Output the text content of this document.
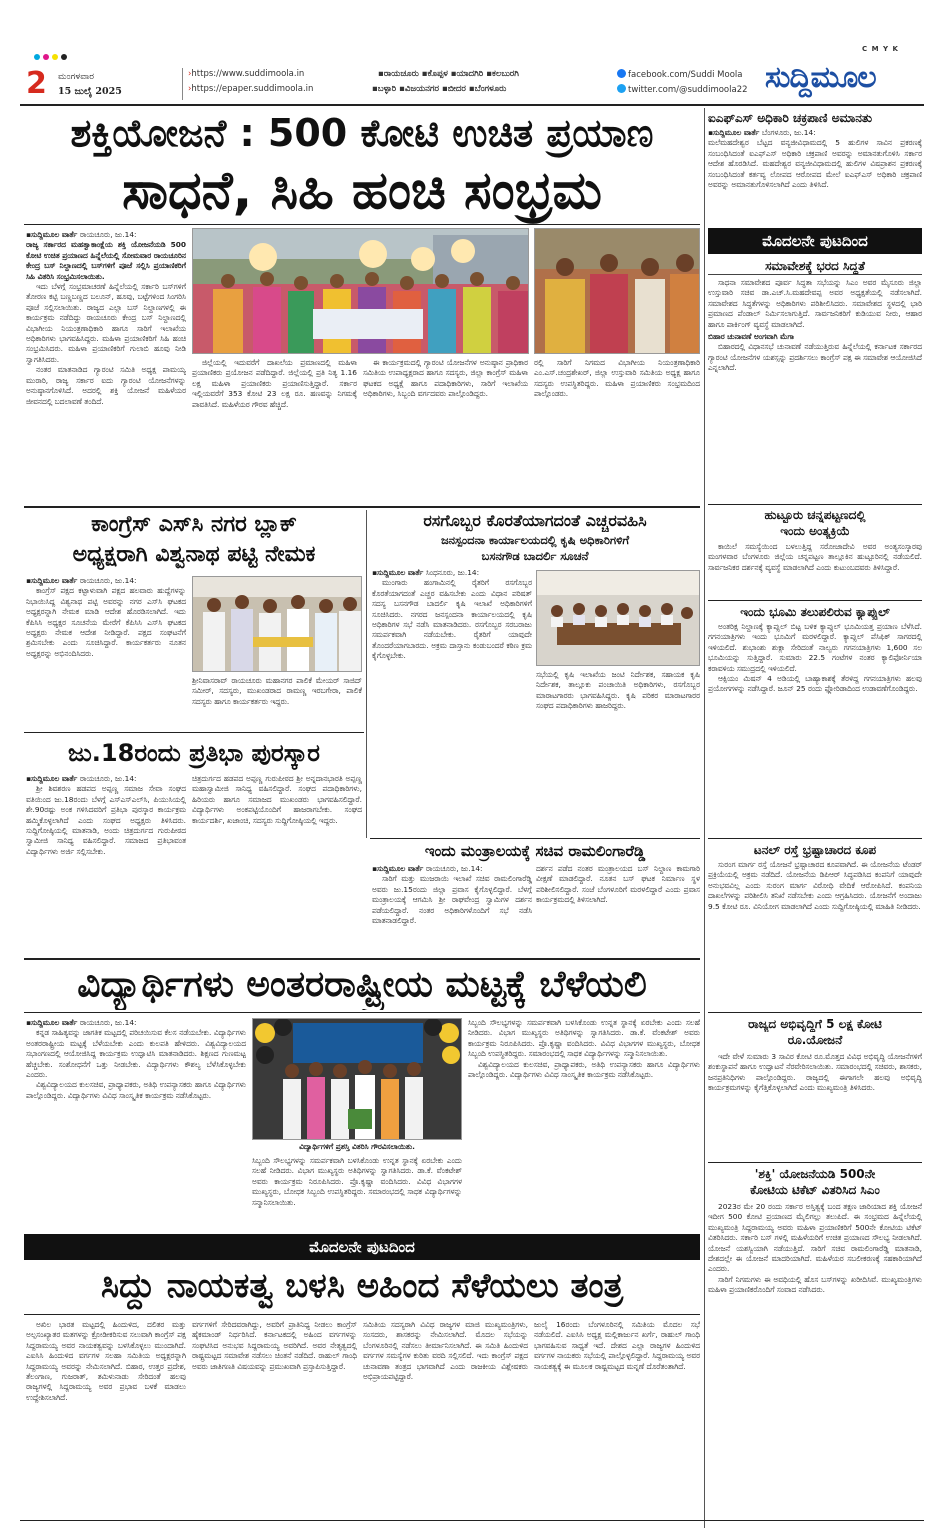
C M Y K
2 ಮಂಗಳವಾರ
15 ಜುಲೈ 2025
›https://www.suddimoola.in
›https://epaper.suddimoola.in
▪ರಾಯಚೂರು ▪ಕೊಪ್ಪಳ ▪ಯಾದಗಿರಿ ▪ಕಲಬುರಗಿ
▪ಬಳ್ಳಾರಿ ▪ವಿಜಯನಗರ ▪ಬೀದರ ▪ಬೆಂಗಳೂರು
facebook.com/Suddi Moola
twitter.com/@suddimoola22 ಸುದ್ದಿಮೂಲ
ಶಕ್ತಿಯೋಜನೆ : 500 ಕೋಟಿ ಉಚಿತ ಪ್ರಯಾಣ
ಸಾಧನೆ, ಸಿಹಿ ಹಂಚಿ ಸಂಭ್ರಮ
▪ಸುದ್ದಿಮೂಲ ವಾರ್ತೆ ರಾಯಚೂರು, ಜು.14:
ರಾಜ್ಯ ಸರ್ಕಾರದ ಮಹತ್ವಾಕಾಂಕ್ಷೆಯ ಶಕ್ತಿ ಯೋಜನೆಯಡಿ 500 ಕೋಟಿ ಉಚಿತ ಪ್ರಯಾಣದ ಹಿನ್ನೆಲೆಯಲ್ಲಿ ಸೋಮವಾರ ರಾಯಚೂರಿನ ಕೇಂದ್ರ ಬಸ್ ನಿಲ್ದಾಣದಲ್ಲಿ ಬಸ್‌ಗಳಿಗೆ ಪೂಜೆ ಸಲ್ಲಿಸಿ ಪ್ರಯಾಣಿಕರಿಗೆ ಸಿಹಿ ವಿತರಿಸಿ ಸಂಭ್ರಮಿಸಲಾಯಿತು.
ಇದು ಬೆಳಗ್ಗೆ ಸಂಭ್ರಮಾಚರಣೆ ಹಿನ್ನೆಲೆಯಲ್ಲಿ ಸರ್ಕಾರಿ ಬಸ್‌ಗಳಿಗೆ ತೋರಣ ಕಟ್ಟಿ ಬಣ್ಣಬಣ್ಣದ ಬಲೂನ್, ಹೂವು, ಬಟ್ಟೆಗಳಿಂದ ಸಿಂಗರಿಸಿ ಪೂಜೆ ಸಲ್ಲಿಸಲಾಯಿತು. ರಾಜ್ಯದ ಎಲ್ಲಾ ಬಸ್ ನಿಲ್ದಾಣಗಳಲ್ಲಿ ಈ ಕಾರ್ಯಕ್ರಮ ನಡೆದಿದ್ದು ರಾಯಚೂರು ಕೇಂದ್ರ ಬಸ್ ನಿಲ್ದಾಣದಲ್ಲಿ ವಿಭಾಗೀಯ ನಿಯಂತ್ರಣಾಧಿಕಾರಿ ಹಾಗೂ ಸಾರಿಗೆ ಇಲಾಖೆಯ ಅಧಿಕಾರಿಗಳು ಭಾಗವಹಿಸಿದ್ದರು. ಮಹಿಳಾ ಪ್ರಯಾಣಿಕರಿಗೆ ಸಿಹಿ ಹಂಚಿ ಸಂಭ್ರಮಿಸಿದರು. ಮಹಿಳಾ ಪ್ರಯಾಣಿಕರಿಗೆ ಗುಲಾಬಿ ಹೂವು ನೀಡಿ ಸ್ವಾಗತಿಸಿದರು.
ನಂತರ ಮಾತನಾಡಿದ ಗ್ಯಾರಂಟಿ ಸಮಿತಿ ಅಧ್ಯಕ್ಷ ಪಾಮಯ್ಯ ಮುರಾರಿ, ರಾಜ್ಯ ಸರ್ಕಾರ ಐದು ಗ್ಯಾರಂಟಿ ಯೋಜನೆಗಳನ್ನು ಅನುಷ್ಠಾನಗೊಳಿಸಿದೆ. ಅದರಲ್ಲಿ ಶಕ್ತಿ ಯೋಜನೆ ಮಹಿಳೆಯರ ಜೀವನದಲ್ಲಿ ಬದಲಾವಣೆ ತಂದಿದೆ.
ಜಿಲ್ಲೆಯಲ್ಲಿ ಇದುವರೆಗೆ ದಾಖಲೆಯ ಪ್ರಮಾಣದಲ್ಲಿ ಮಹಿಳಾ ಪ್ರಯಾಣಿಕರು ಪ್ರಯೋಜನ ಪಡೆದಿದ್ದಾರೆ. ಜಿಲ್ಲೆಯಲ್ಲಿ ಪ್ರತಿ ನಿತ್ಯ 1.16 ಲಕ್ಷ ಮಹಿಳಾ ಪ್ರಯಾಣಿಕರು ಪ್ರಯಾಣಿಸುತ್ತಿದ್ದಾರೆ. ಸರ್ಕಾರ ಇಲ್ಲಿಯವರೆಗೆ 353 ಕೋಟಿ 23 ಲಕ್ಷ ರೂ. ಹಣವನ್ನು ನಿಗಮಕ್ಕೆ ಪಾವತಿಸಿದೆ. ಮಹಿಳೆಯರ ಗೌರವ ಹೆಚ್ಚಿದೆ.
ಈ ಕಾರ್ಯಕ್ರಮದಲ್ಲಿ ಗ್ಯಾರಂಟಿ ಯೋಜನೆಗಳ ಅನುಷ್ಠಾನ ಪ್ರಾಧಿಕಾರ ಸಮಿತಿಯ ಉಪಾಧ್ಯಕ್ಷರಾದ ಹಾಗೂ ಸದಸ್ಯರು, ಜಿಲ್ಲಾ ಕಾಂಗ್ರೆಸ್ ಮಹಿಳಾ ಘಟಕದ ಅಧ್ಯಕ್ಷೆ ಹಾಗೂ ಪದಾಧಿಕಾರಿಗಳು, ಸಾರಿಗೆ ಇಲಾಖೆಯ ಅಧಿಕಾರಿಗಳು, ಸಿಬ್ಬಂದಿ ವರ್ಗದವರು ಪಾಲ್ಗೊಂಡಿದ್ದರು.
ರಲ್ಲಿ ಸಾರಿಗೆ ನಿಗಮದ ವಿಭಾಗೀಯ ನಿಯಂತ್ರಣಾಧಿಕಾರಿ ಎಂ.ಎಸ್.ಚಂದ್ರಶೇಖರ್, ಜಿಲ್ಲಾ ಉಸ್ತುವಾರಿ ಸಮಿತಿಯ ಅಧ್ಯಕ್ಷ ಹಾಗೂ ಸದಸ್ಯರು ಉಪಸ್ಥಿತರಿದ್ದರು. ಮಹಿಳಾ ಪ್ರಯಾಣಿಕರು ಸಂಭ್ರಮದಿಂದ ಪಾಲ್ಗೊಂಡರು.
ಐಎಫ್‌ಎಸ್ ಅಧಿಕಾರಿ ಚಕ್ರಪಾಣಿ ಅಮಾನತು
▪ಸುದ್ದಿಮೂಲ ವಾರ್ತೆ ಬೆಂಗಳೂರು, ಜು.14:
ಮಲೆಮಹದೇಶ್ವರ ಬೆಟ್ಟದ ವನ್ಯಜೀವಿಧಾಮದಲ್ಲಿ 5 ಹುಲಿಗಳ ಸಾವಿನ ಪ್ರಕರಣಕ್ಕೆ ಸಂಬಂಧಿಸಿದಂತೆ ಐಎಫ್‌ಎಸ್ ಅಧಿಕಾರಿ ಚಕ್ರಪಾಣಿ ಅವರನ್ನು ಅಮಾನತುಗೊಳಿಸಿ ಸರ್ಕಾರ ಆದೇಶ ಹೊರಡಿಸಿದೆ. ಮಹದೇಶ್ವರ ವನ್ಯಜೀವಿಧಾಮದಲ್ಲಿ ಹುಲಿಗಳ ವಿಷಪ್ರಾಶನ ಪ್ರಕರಣಕ್ಕೆ ಸಂಬಂಧಿಸಿದಂತೆ ಕರ್ತವ್ಯ ಲೋಪದ ಆರೋಪದ ಮೇಲೆ ಐಎಫ್‌ಎಸ್ ಅಧಿಕಾರಿ ಚಕ್ರಪಾಣಿ ಅವರನ್ನು ಅಮಾನತುಗೊಳಿಸಲಾಗಿದೆ ಎಂದು ತಿಳಿಸಿದೆ.
ಮೊದಲನೇ ಪುಟದಿಂದ
ಸಮಾವೇಶಕ್ಕೆ ಭರದ ಸಿದ್ಧತೆ
ಸಾಧನಾ ಸಮಾವೇಶದ ಪೂರ್ವ ಸಿದ್ಧತಾ ಸಭೆಯನ್ನು ಸಿಎಂ ಅವರ ಮೈಸೂರು ಜಿಲ್ಲಾ ಉಸ್ತುವಾರಿ ಸಚಿವ ಡಾ.ಎಚ್.ಸಿ.ಮಹದೇವಪ್ಪ ಅವರ ಅಧ್ಯಕ್ಷತೆಯಲ್ಲಿ ನಡೆಸಲಾಗಿದೆ. ಸಮಾವೇಶದ ಸಿದ್ಧತೆಗಳನ್ನು ಅಧಿಕಾರಿಗಳು ಪರಿಶೀಲಿಸಿದರು. ಸಮಾವೇಶದ ಸ್ಥಳದಲ್ಲಿ ಭಾರಿ ಪ್ರಮಾಣದ ಪೆಂಡಾಲ್ ನಿರ್ಮಿಸಲಾಗುತ್ತಿದೆ. ಸಾರ್ವಜನಿಕರಿಗೆ ಕುಡಿಯುವ ನೀರು, ಆಹಾರ ಹಾಗೂ ಪಾರ್ಕಿಂಗ್ ವ್ಯವಸ್ಥೆ ಮಾಡಲಾಗಿದೆ.
ಬಿಹಾರ ಚುನಾವಣೆ ಅಂಗವಾಗಿ ಮೆಗಾ
ಬಿಹಾರದಲ್ಲಿ ವಿಧಾನಸಭೆ ಚುನಾವಣೆ ನಡೆಯುತ್ತಿರುವ ಹಿನ್ನೆಲೆಯಲ್ಲಿ ಕರ್ನಾಟಕ ಸರ್ಕಾರದ ಗ್ಯಾರಂಟಿ ಯೋಜನೆಗಳ ಯಶಸ್ಸನ್ನು ಪ್ರದರ್ಶಿಸಲು ಕಾಂಗ್ರೆಸ್ ಪಕ್ಷ ಈ ಸಮಾವೇಶ ಆಯೋಜಿಸಿದೆ ಎನ್ನಲಾಗಿದೆ.
ಹುಟ್ಟೂರು ಚನ್ನಪಟ್ಟಣದಲ್ಲಿ
ಇಂದು ಅಂತ್ಯಕ್ರಿಯೆ
ಕಾಯಿಲೆ ಸಮಸ್ಯೆಯಿಂದ ಬಳಲುತ್ತಿದ್ದ ಸರೋಜಾದೇವಿ ಅವರ ಅಂತ್ಯಸಂಸ್ಕಾರವು ಮಂಗಳವಾರ ಬೆಂಗಳೂರು ಜಿಲ್ಲೆಯ ಚನ್ನಪಟ್ಟಣ ತಾಲ್ಲೂಕಿನ ಹುಟ್ಟೂರಿನಲ್ಲಿ ನಡೆಯಲಿದೆ. ಸಾರ್ವಜನಿಕರ ದರ್ಶನಕ್ಕೆ ವ್ಯವಸ್ಥೆ ಮಾಡಲಾಗಿದೆ ಎಂದು ಕುಟುಂಬದವರು ತಿಳಿಸಿದ್ದಾರೆ.
ಇಂದು ಭೂಮಿ ತಲುಪಲಿರುವ ಕ್ಯಾಪ್ಸುಲ್
ಅಂತರಿಕ್ಷ ನಿಲ್ದಾಣಕ್ಕೆ ಕ್ಯಾಪ್ಸುಲ್ ಬಿಟ್ಟ ಬಳಿಕ ಕ್ಯಾಪ್ಸುಲ್ ಭೂಮಿಯತ್ತ ಪ್ರಯಾಣ ಬೆಳೆಸಿದೆ. ಗಗನಯಾತ್ರಿಗಳು ಇಂದು ಭೂಮಿಗೆ ಮರಳಲಿದ್ದಾರೆ. ಕ್ಯಾಪ್ಸುಲ್ ಪೆಸಿಫಿಕ್ ಸಾಗರದಲ್ಲಿ ಇಳಿಯಲಿದೆ. ಶುಭಾಂಶು ಶುಕ್ಲಾ ಸೇರಿದಂತೆ ನಾಲ್ವರು ಗಗನಯಾತ್ರಿಗಳು 1,600 ಸಲ ಭೂಮಿಯನ್ನು ಸುತ್ತಿದ್ದಾರೆ. ಸುಮಾರು 22.5 ಗಂಟೆಗಳ ನಂತರ ಕ್ಯಾಲಿಫೋರ್ನಿಯಾ ಕರಾವಳಿಯ ಸಮುದ್ರದಲ್ಲಿ ಇಳಿಯಲಿದೆ.
ಆಕ್ಸಿಯಂ ಮಿಷನ್ 4 ಅಡಿಯಲ್ಲಿ ಬಾಹ್ಯಾಕಾಶಕ್ಕೆ ತೆರಳಿದ್ದ ಗಗನಯಾತ್ರಿಗಳು ಹಲವು ಪ್ರಯೋಗಗಳನ್ನು ನಡೆಸಿದ್ದಾರೆ. ಜೂನ್ 25 ರಂದು ಫ್ಲೋರಿಡಾದಿಂದ ಉಡಾವಣೆಗೊಂಡಿದ್ದರು.
ಟನಲ್ ರಸ್ತೆ ಭ್ರಷ್ಟಾಚಾರದ ಕೂಪ
ಸುರಂಗ ಮಾರ್ಗ ರಸ್ತೆ ಯೋಜನೆ ಭ್ರಷ್ಟಾಚಾರದ ಕೂಪವಾಗಿದೆ. ಈ ಯೋಜನೆಯ ಟೆಂಡರ್ ಪ್ರಕ್ರಿಯೆಯಲ್ಲಿ ಅಕ್ರಮ ನಡೆದಿದೆ. ಯೋಜನೆಯ ಡಿಪಿಆರ್ ಸಿದ್ಧಪಡಿಸಿದ ಕಂಪನಿಗೆ ಯಾವುದೇ ಅನುಭವವಿಲ್ಲ ಎಂದು ಸುರಂಗ ಮಾರ್ಗ ವಿರೋಧಿ ವೇದಿಕೆ ಆರೋಪಿಸಿದೆ. ಕಂಪನಿಯ ದಾಖಲೆಗಳನ್ನು ಪರಿಶೀಲಿಸಿ ತನಿಖೆ ನಡೆಸಬೇಕು ಎಂದು ಆಗ್ರಹಿಸಿದರು. ಯೋಜನೆಗೆ ಅಂದಾಜು 9.5 ಕೋಟಿ ರೂ. ವಿನಿಯೋಗ ಮಾಡಲಾಗಿದೆ ಎಂದು ಸುದ್ದಿಗೋಷ್ಠಿಯಲ್ಲಿ ಮಾಹಿತಿ ನೀಡಿದರು.
ರಾಜ್ಯದ ಅಭಿವೃದ್ಧಿಗೆ 5 ಲಕ್ಷ ಕೋಟಿ
ರೂ.ಯೋಜನೆ
ಇದೇ ವೇಳೆ ಸುಮಾರು 3 ಸಾವಿರ ಕೋಟಿ ರೂ.ಮೊತ್ತದ ವಿವಿಧ ಅಭಿವೃದ್ಧಿ ಯೋಜನೆಗಳಿಗೆ ಶಂಕುಸ್ಥಾಪನೆ ಹಾಗೂ ಉದ್ಘಾಟನೆ ನೆರವೇರಿಸಲಾಯಿತು. ಸಮಾರಂಭದಲ್ಲಿ ಸಚಿವರು, ಶಾಸಕರು, ಜನಪ್ರತಿನಿಧಿಗಳು ಪಾಲ್ಗೊಂಡಿದ್ದರು. ರಾಜ್ಯದಲ್ಲಿ ಈಗಾಗಲೇ ಹಲವು ಅಭಿವೃದ್ಧಿ ಕಾರ್ಯಕ್ರಮಗಳನ್ನು ಕೈಗೆತ್ತಿಕೊಳ್ಳಲಾಗಿದೆ ಎಂದು ಮುಖ್ಯಮಂತ್ರಿ ತಿಳಿಸಿದರು.
'ಶಕ್ತಿ' ಯೋಜನೆಯಡಿ 500ನೇ
ಕೋಟಿಯ ಟಿಕೆಟ್ ವಿತರಿಸಿದ ಸಿಎಂ
2023ರ ಮೇ 20 ರಂದು ಸರ್ಕಾರ ಅಸ್ತಿತ್ವಕ್ಕೆ ಬಂದ ತಕ್ಷಣ ಜಾರಿಯಾದ ಶಕ್ತಿ ಯೋಜನೆ ಇದೀಗ 500 ಕೋಟಿ ಪ್ರಯಾಣದ ಮೈಲಿಗಲ್ಲು ತಲುಪಿದೆ. ಈ ಸಂಭ್ರಮದ ಹಿನ್ನೆಲೆಯಲ್ಲಿ ಮುಖ್ಯಮಂತ್ರಿ ಸಿದ್ದರಾಮಯ್ಯ ಅವರು ಮಹಿಳಾ ಪ್ರಯಾಣಿಕರಿಗೆ 500ನೇ ಕೋಟಿಯ ಟಿಕೆಟ್ ವಿತರಿಸಿದರು. ಸರ್ಕಾರಿ ಬಸ್ ಗಳಲ್ಲಿ ಮಹಿಳೆಯರಿಗೆ ಉಚಿತ ಪ್ರಯಾಣದ ಸೌಲಭ್ಯ ನೀಡಲಾಗಿದೆ. ಯೋಜನೆ ಯಶಸ್ವಿಯಾಗಿ ನಡೆಯುತ್ತಿದೆ. ಸಾರಿಗೆ ಸಚಿವ ರಾಮಲಿಂಗಾರೆಡ್ಡಿ ಮಾತನಾಡಿ, ದೇಶದಲ್ಲೇ ಈ ಯೋಜನೆ ಮಾದರಿಯಾಗಿದೆ. ಮಹಿಳೆಯರ ಸಬಲೀಕರಣಕ್ಕೆ ಸಹಕಾರಿಯಾಗಿದೆ ಎಂದರು.
ಸಾರಿಗೆ ನಿಗಮಗಳು ಈ ಅವಧಿಯಲ್ಲಿ ಹೊಸ ಬಸ್‌ಗಳನ್ನು ಖರೀದಿಸಿವೆ. ಮುಖ್ಯಮಂತ್ರಿಗಳು ಮಹಿಳಾ ಪ್ರಯಾಣಿಕರೊಂದಿಗೆ ಸಂವಾದ ನಡೆಸಿದರು.
ಕಾಂಗ್ರೆಸ್ ಎಸ್‌ಸಿ ನಗರ ಬ್ಲಾಕ್
ಅಧ್ಯಕ್ಷರಾಗಿ ವಿಶ್ವನಾಥ ಪಟ್ಟಿ ನೇಮಕ
▪ಸುದ್ದಿಮೂಲ ವಾರ್ತೆ ರಾಯಚೂರು, ಜು.14:
ಕಾಂಗ್ರೆಸ್ ಪಕ್ಷದ ಕಟ್ಟಾಳುವಾಗಿ ಪಕ್ಷದ ಹಲವಾರು ಹುದ್ದೆಗಳನ್ನು ನಿಭಾಯಿಸಿದ್ದ ವಿಶ್ವನಾಥ ಪಟ್ಟಿ ಅವರನ್ನು ನಗರ ಎಸ್‌ಸಿ ಘಟಕದ ಅಧ್ಯಕ್ಷರನ್ನಾಗಿ ನೇಮಕ ಮಾಡಿ ಆದೇಶ ಹೊರಡಿಸಲಾಗಿದೆ. ಇದು ಕೆಪಿಸಿಸಿ ಅಧ್ಯಕ್ಷರ ಸೂಚನೆಯ ಮೇರೆಗೆ ಕೆಪಿಸಿಸಿ ಎಸ್‌ಸಿ ಘಟಕದ ಅಧ್ಯಕ್ಷರು ನೇಮಕ ಆದೇಶ ನೀಡಿದ್ದಾರೆ. ಪಕ್ಷದ ಸಂಘಟನೆಗೆ ಶ್ರಮಿಸಬೇಕು ಎಂದು ಸೂಚಿಸಿದ್ದಾರೆ. ಕಾರ್ಯಕರ್ತರು ನೂತನ ಅಧ್ಯಕ್ಷರನ್ನು ಅಭಿನಂದಿಸಿದರು.
ಶ್ರೀನಿವಾಸರಾವ್ ರಾಯಚೂರು ಮಹಾನಗರ ಪಾಲಿಕೆ ಮೇಯರ್ ಸಾಜಿದ್ ಸಮೀರ್, ಸದಸ್ಯರು, ಮುಖಂಡರಾದ ರಾಮಣ್ಣ ಇರಬಗೇರಾ, ಪಾಲಿಕೆ ಸದಸ್ಯರು ಹಾಗೂ ಕಾರ್ಯಕರ್ತರು ಇದ್ದರು.
ರಸಗೊಬ್ಬರ ಕೊರತೆಯಾಗದಂತೆ ಎಚ್ಚರವಹಿಸಿ
ಜನಸ್ಪಂದನಾ ಕಾರ್ಯಾಲಯದಲ್ಲಿ ಕೃಷಿ ಅಧಿಕಾರಿಗಳಿಗೆ
ಬಸನಗೌಡ ಬಾದರ್ಲಿ ಸೂಚನೆ
▪ಸುದ್ದಿಮೂಲ ವಾರ್ತೆ ಸಿಂಧನೂರು, ಜು.14:
ಮುಂಗಾರು ಹಂಗಾಮಿನಲ್ಲಿ ರೈತರಿಗೆ ರಸಗೊಬ್ಬರ ಕೊರತೆಯಾಗದಂತೆ ಎಚ್ಚರ ವಹಿಸಬೇಕು ಎಂದು ವಿಧಾನ ಪರಿಷತ್ ಸದಸ್ಯ ಬಸನಗೌಡ ಬಾದರ್ಲಿ ಕೃಷಿ ಇಲಾಖೆ ಅಧಿಕಾರಿಗಳಿಗೆ ಸೂಚಿಸಿದರು. ನಗರದ ಜನಸ್ಪಂದನಾ ಕಾರ್ಯಾಲಯದಲ್ಲಿ ಕೃಷಿ ಅಧಿಕಾರಿಗಳ ಸಭೆ ನಡೆಸಿ ಮಾತನಾಡಿದರು. ರಸಗೊಬ್ಬರ ಸರಬರಾಜು ಸಮರ್ಪಕವಾಗಿ ನಡೆಯಬೇಕು. ರೈತರಿಗೆ ಯಾವುದೇ ತೊಂದರೆಯಾಗಬಾರದು. ಅಕ್ರಮ ದಾಸ್ತಾನು ಕಂಡುಬಂದರೆ ಕಠಿಣ ಕ್ರಮ ಕೈಗೊಳ್ಳಬೇಕು.
ಸಭೆಯಲ್ಲಿ ಕೃಷಿ ಇಲಾಖೆಯ ಜಂಟಿ ನಿರ್ದೇಶಕ, ಸಹಾಯಕ ಕೃಷಿ ನಿರ್ದೇಶಕ, ತಾಲ್ಲೂಕು ಪಂಚಾಯಿತಿ ಅಧಿಕಾರಿಗಳು, ರಸಗೊಬ್ಬರ ಮಾರಾಟಗಾರರು ಭಾಗವಹಿಸಿದ್ದರು. ಕೃಷಿ ಪರಿಕರ ಮಾರಾಟಗಾರರ ಸಂಘದ ಪದಾಧಿಕಾರಿಗಳು ಹಾಜರಿದ್ದರು.
ಜು.18ರಂದು ಪ್ರತಿಭಾ ಪುರಸ್ಕಾರ
▪ಸುದ್ದಿಮೂಲ ವಾರ್ತೆ ರಾಯಚೂರು, ಜು.14:
ಶ್ರೀ ಶಿವಶರಣ ಹಡಪದ ಅಪ್ಪಣ್ಣ ಸಮಾಜ ಸೇವಾ ಸಂಘದ ವತಿಯಿಂದ ಜು.18ರಂದು ಬೆಳಗ್ಗೆ ಎಸ್‌ಎಸ್‌ಎಲ್‌ಸಿ, ಪಿಯುಸಿಯಲ್ಲಿ ಶೇ.90ರಷ್ಟು ಅಂಕ ಗಳಿಸಿದವರಿಗೆ ಪ್ರತಿಭಾ ಪುರಸ್ಕಾರ ಕಾರ್ಯಕ್ರಮ ಹಮ್ಮಿಕೊಳ್ಳಲಾಗಿದೆ ಎಂದು ಸಂಘದ ಅಧ್ಯಕ್ಷರು ತಿಳಿಸಿದರು. ಸುದ್ದಿಗೋಷ್ಠಿಯಲ್ಲಿ ಮಾತನಾಡಿ, ಅಂದು ಚಿತ್ರದುರ್ಗದ ಗುರುಪೀಠದ ಸ್ವಾಮೀಜಿ ಸಾನಿಧ್ಯ ವಹಿಸಲಿದ್ದಾರೆ. ಸಮಾಜದ ಪ್ರತಿಭಾವಂತ ವಿದ್ಯಾರ್ಥಿಗಳು ಅರ್ಜಿ ಸಲ್ಲಿಸಬೇಕು.
ಚಿತ್ರದುರ್ಗದ ಹಡಪದ ಅಪ್ಪಣ್ಣ ಗುರುಪೀಠದ ಶ್ರೀ ಅನ್ನದಾನಭಾರತಿ ಅಪ್ಪಣ್ಣ ಮಹಾಸ್ವಾಮೀಜಿ ಸಾನಿಧ್ಯ ವಹಿಸಲಿದ್ದಾರೆ. ಸಂಘದ ಪದಾಧಿಕಾರಿಗಳು, ಹಿರಿಯರು ಹಾಗೂ ಸಮಾಜದ ಮುಖಂಡರು ಭಾಗವಹಿಸಲಿದ್ದಾರೆ. ವಿದ್ಯಾರ್ಥಿಗಳು ಅಂಕಪಟ್ಟಿಯೊಂದಿಗೆ ಹಾಜರಾಗಬೇಕು. ಸಂಘದ ಕಾರ್ಯದರ್ಶಿ, ಖಜಾಂಚಿ, ಸದಸ್ಯರು ಸುದ್ದಿಗೋಷ್ಠಿಯಲ್ಲಿ ಇದ್ದರು.
ಇಂದು ಮಂತ್ರಾಲಯಕ್ಕೆ ಸಚಿವ ರಾಮಲಿಂಗಾರೆಡ್ಡಿ
▪ಸುದ್ದಿಮೂಲ ವಾರ್ತೆ ರಾಯಚೂರು, ಜು.14:
ಸಾರಿಗೆ ಮತ್ತು ಮುಜರಾಯಿ ಇಲಾಖೆ ಸಚಿವ ರಾಮಲಿಂಗಾರೆಡ್ಡಿ ಅವರು ಜು.15ರಂದು ಜಿಲ್ಲಾ ಪ್ರವಾಸ ಕೈಗೊಳ್ಳಲಿದ್ದಾರೆ. ಬೆಳಗ್ಗೆ ಮಂತ್ರಾಲಯಕ್ಕೆ ಆಗಮಿಸಿ ಶ್ರೀ ರಾಘವೇಂದ್ರ ಸ್ವಾಮಿಗಳ ದರ್ಶನ ಪಡೆಯಲಿದ್ದಾರೆ. ನಂತರ ಅಧಿಕಾರಿಗಳೊಂದಿಗೆ ಸಭೆ ನಡೆಸಿ ಮಾತನಾಡಲಿದ್ದಾರೆ.
ದರ್ಶನ ಪಡೆದ ನಂತರ ಮಂತ್ರಾಲಯದ ಬಸ್ ನಿಲ್ದಾಣ ಕಾಮಗಾರಿ ವೀಕ್ಷಣೆ ಮಾಡಲಿದ್ದಾರೆ. ನೂತನ ಬಸ್ ಘಟಕ ನಿರ್ಮಾಣ ಸ್ಥಳ ಪರಿಶೀಲಿಸಲಿದ್ದಾರೆ. ಸಂಜೆ ಬೆಂಗಳೂರಿಗೆ ಮರಳಲಿದ್ದಾರೆ ಎಂದು ಪ್ರವಾಸ ಕಾರ್ಯಕ್ರಮದಲ್ಲಿ ತಿಳಿಸಲಾಗಿದೆ.
ವಿದ್ಯಾರ್ಥಿಗಳು ಅಂತರರಾಷ್ಟ್ರೀಯ ಮಟ್ಟಕ್ಕೆ ಬೆಳೆಯಲಿ
▪ಸುದ್ದಿಮೂಲ ವಾರ್ತೆ ರಾಯಚೂರು, ಜು.14:
ಕನ್ನಡ ಸಾಹಿತ್ಯವನ್ನು ಜಾಗತಿಕ ಮಟ್ಟದಲ್ಲಿ ಪರಿಚಯಿಸುವ ಕೆಲಸ ನಡೆಯಬೇಕು. ವಿದ್ಯಾರ್ಥಿಗಳು ಅಂತರರಾಷ್ಟ್ರೀಯ ಮಟ್ಟಕ್ಕೆ ಬೆಳೆಯಬೇಕು ಎಂದು ಕುಲಪತಿ ಹೇಳಿದರು. ವಿಶ್ವವಿದ್ಯಾಲಯದ ಸಭಾಂಗಣದಲ್ಲಿ ಆಯೋಜಿಸಿದ್ದ ಕಾರ್ಯಕ್ರಮ ಉದ್ಘಾಟಿಸಿ ಮಾತನಾಡಿದರು. ಶಿಕ್ಷಣದ ಗುಣಮಟ್ಟ ಹೆಚ್ಚಬೇಕು. ಸಂಶೋಧನೆಗೆ ಒತ್ತು ನೀಡಬೇಕು. ವಿದ್ಯಾರ್ಥಿಗಳು ಕೌಶಲ್ಯ ಬೆಳೆಸಿಕೊಳ್ಳಬೇಕು ಎಂದರು.
ವಿಶ್ವವಿದ್ಯಾಲಯದ ಕುಲಸಚಿವ, ಪ್ರಾಧ್ಯಾಪಕರು, ಅತಿಥಿ ಉಪನ್ಯಾಸಕರು ಹಾಗೂ ವಿದ್ಯಾರ್ಥಿಗಳು ಪಾಲ್ಗೊಂಡಿದ್ದರು. ವಿದ್ಯಾರ್ಥಿಗಳು ವಿವಿಧ ಸಾಂಸ್ಕೃತಿಕ ಕಾರ್ಯಕ್ರಮ ನಡೆಸಿಕೊಟ್ಟರು.
ವಿದ್ಯಾರ್ಥಿಗಳಿಗೆ ಪ್ರಶಸ್ತಿ ವಿತರಿಸಿ ಗೌರವಿಸಲಾಯಿತು.
ಸಿಬ್ಬಂದಿ ಸೌಲಭ್ಯಗಳನ್ನು ಸಮರ್ಪಕವಾಗಿ ಬಳಸಿಕೊಂಡು ಉನ್ನತ ಸ್ಥಾನಕ್ಕೆ ಏರಬೇಕು ಎಂದು ಸಲಹೆ ನೀಡಿದರು. ವಿಭಾಗ ಮುಖ್ಯಸ್ಥರು ಅತಿಥಿಗಳನ್ನು ಸ್ವಾಗತಿಸಿದರು. ಡಾ.ಕೆ. ವೆಂಕಟೇಶ್ ಅವರು ಕಾರ್ಯಕ್ರಮ ನಿರೂಪಿಸಿದರು. ಪ್ರೊ.ಕೃಷ್ಣಾ ವಂದಿಸಿದರು. ವಿವಿಧ ವಿಭಾಗಗಳ ಮುಖ್ಯಸ್ಥರು, ಬೋಧಕ ಸಿಬ್ಬಂದಿ ಉಪಸ್ಥಿತರಿದ್ದರು. ಸಮಾರಂಭದಲ್ಲಿ ಸಾಧಕ ವಿದ್ಯಾರ್ಥಿಗಳನ್ನು ಸನ್ಮಾನಿಸಲಾಯಿತು.
ಸಿಬ್ಬಂದಿ ಸೌಲಭ್ಯಗಳನ್ನು ಸಮರ್ಪಕವಾಗಿ ಬಳಸಿಕೊಂಡು ಉನ್ನತ ಸ್ಥಾನಕ್ಕೆ ಏರಬೇಕು ಎಂದು ಸಲಹೆ ನೀಡಿದರು. ವಿಭಾಗ ಮುಖ್ಯಸ್ಥರು ಅತಿಥಿಗಳನ್ನು ಸ್ವಾಗತಿಸಿದರು. ಡಾ.ಕೆ. ವೆಂಕಟೇಶ್ ಅವರು ಕಾರ್ಯಕ್ರಮ ನಿರೂಪಿಸಿದರು. ಪ್ರೊ.ಕೃಷ್ಣಾ ವಂದಿಸಿದರು. ವಿವಿಧ ವಿಭಾಗಗಳ ಮುಖ್ಯಸ್ಥರು, ಬೋಧಕ ಸಿಬ್ಬಂದಿ ಉಪಸ್ಥಿತರಿದ್ದರು. ಸಮಾರಂಭದಲ್ಲಿ ಸಾಧಕ ವಿದ್ಯಾರ್ಥಿಗಳನ್ನು ಸನ್ಮಾನಿಸಲಾಯಿತು.
ವಿಶ್ವವಿದ್ಯಾಲಯದ ಕುಲಸಚಿವ, ಪ್ರಾಧ್ಯಾಪಕರು, ಅತಿಥಿ ಉಪನ್ಯಾಸಕರು ಹಾಗೂ ವಿದ್ಯಾರ್ಥಿಗಳು ಪಾಲ್ಗೊಂಡಿದ್ದರು. ವಿದ್ಯಾರ್ಥಿಗಳು ವಿವಿಧ ಸಾಂಸ್ಕೃತಿಕ ಕಾರ್ಯಕ್ರಮ ನಡೆಸಿಕೊಟ್ಟರು.
ಮೊದಲನೇ ಪುಟದಿಂದ
ಸಿದ್ದು ನಾಯಕತ್ವ ಬಳಸಿ ಅಹಿಂದ ಸೆಳೆಯಲು ತಂತ್ರ
ಅಖಿಲ ಭಾರತ ಮಟ್ಟದಲ್ಲಿ ಹಿಂದುಳಿದ, ದಲಿತರ ಮತ್ತು ಅಲ್ಪಸಂಖ್ಯಾತರ ಮತಗಳನ್ನು ಕ್ರೋಡೀಕರಿಸುವ ಸಲುವಾಗಿ ಕಾಂಗ್ರೆಸ್ ಪಕ್ಷ ಸಿದ್ದರಾಮಯ್ಯ ಅವರ ನಾಯಕತ್ವವನ್ನು ಬಳಸಿಕೊಳ್ಳಲು ಮುಂದಾಗಿದೆ. ಎಐಸಿಸಿ ಹಿಂದುಳಿದ ವರ್ಗಗಳ ಸಲಹಾ ಸಮಿತಿಯ ಅಧ್ಯಕ್ಷರನ್ನಾಗಿ ಸಿದ್ದರಾಮಯ್ಯ ಅವರನ್ನು ನೇಮಿಸಲಾಗಿದೆ. ಬಿಹಾರ, ಉತ್ತರ ಪ್ರದೇಶ, ತೆಲಂಗಾಣ, ಗುಜರಾತ್, ತಮಿಳುನಾಡು ಸೇರಿದಂತೆ ಹಲವು ರಾಜ್ಯಗಳಲ್ಲಿ ಸಿದ್ದರಾಮಯ್ಯ ಅವರ ಪ್ರಭಾವ ಬಳಕೆ ಮಾಡಲು ಉದ್ದೇಶಿಸಲಾಗಿದೆ.
ವರ್ಗಗಳಿಗೆ ಸೇರಿದವರಾಗಿದ್ದು, ಅವರಿಗೆ ಪ್ರಾತಿನಿಧ್ಯ ನೀಡಲು ಕಾಂಗ್ರೆಸ್ ಹೈಕಮಾಂಡ್ ನಿರ್ಧರಿಸಿದೆ. ಕರ್ನಾಟಕದಲ್ಲಿ ಅಹಿಂದ ವರ್ಗಗಳನ್ನು ಸಂಘಟಿಸಿದ ಅನುಭವ ಸಿದ್ದರಾಮಯ್ಯ ಅವರಿಗಿದೆ. ಅವರ ನೇತೃತ್ವದಲ್ಲಿ ರಾಷ್ಟ್ರಮಟ್ಟದ ಸಮಾವೇಶ ನಡೆಸಲು ಚಿಂತನೆ ನಡೆದಿದೆ. ರಾಹುಲ್ ಗಾಂಧಿ ಅವರು ಜಾತಿಗಣತಿ ವಿಷಯವನ್ನು ಪ್ರಮುಖವಾಗಿ ಪ್ರಸ್ತಾಪಿಸುತ್ತಿದ್ದಾರೆ.
ಸಮಿತಿಯ ಸದಸ್ಯರಾಗಿ ವಿವಿಧ ರಾಜ್ಯಗಳ ಮಾಜಿ ಮುಖ್ಯಮಂತ್ರಿಗಳು, ಸಂಸದರು, ಶಾಸಕರನ್ನು ನೇಮಿಸಲಾಗಿದೆ. ಮೊದಲ ಸಭೆಯನ್ನು ಬೆಂಗಳೂರಿನಲ್ಲಿ ನಡೆಸಲು ತೀರ್ಮಾನಿಸಲಾಗಿದೆ. ಈ ಸಮಿತಿ ಹಿಂದುಳಿದ ವರ್ಗಗಳ ಸಮಸ್ಯೆಗಳ ಕುರಿತು ವರದಿ ಸಲ್ಲಿಸಲಿದೆ. ಇದು ಕಾಂಗ್ರೆಸ್ ಪಕ್ಷದ ಚುನಾವಣಾ ತಂತ್ರದ ಭಾಗವಾಗಿದೆ ಎಂದು ರಾಜಕೀಯ ವಿಶ್ಲೇಷಕರು ಅಭಿಪ್ರಾಯಪಟ್ಟಿದ್ದಾರೆ.
ಜುಲೈ 16ರಂದು ಬೆಂಗಳೂರಿನಲ್ಲಿ ಸಮಿತಿಯ ಮೊದಲ ಸಭೆ ನಡೆಯಲಿದೆ. ಎಐಸಿಸಿ ಅಧ್ಯಕ್ಷ ಮಲ್ಲಿಕಾರ್ಜುನ ಖರ್ಗೆ, ರಾಹುಲ್ ಗಾಂಧಿ ಭಾಗವಹಿಸುವ ಸಾಧ್ಯತೆ ಇದೆ. ದೇಶದ ಎಲ್ಲಾ ರಾಜ್ಯಗಳ ಹಿಂದುಳಿದ ವರ್ಗಗಳ ನಾಯಕರು ಸಭೆಯಲ್ಲಿ ಪಾಲ್ಗೊಳ್ಳಲಿದ್ದಾರೆ. ಸಿದ್ದರಾಮಯ್ಯ ಅವರ ನಾಯಕತ್ವಕ್ಕೆ ಈ ಮೂಲಕ ರಾಷ್ಟ್ರಮಟ್ಟದ ಮನ್ನಣೆ ದೊರೆತಂತಾಗಿದೆ.
